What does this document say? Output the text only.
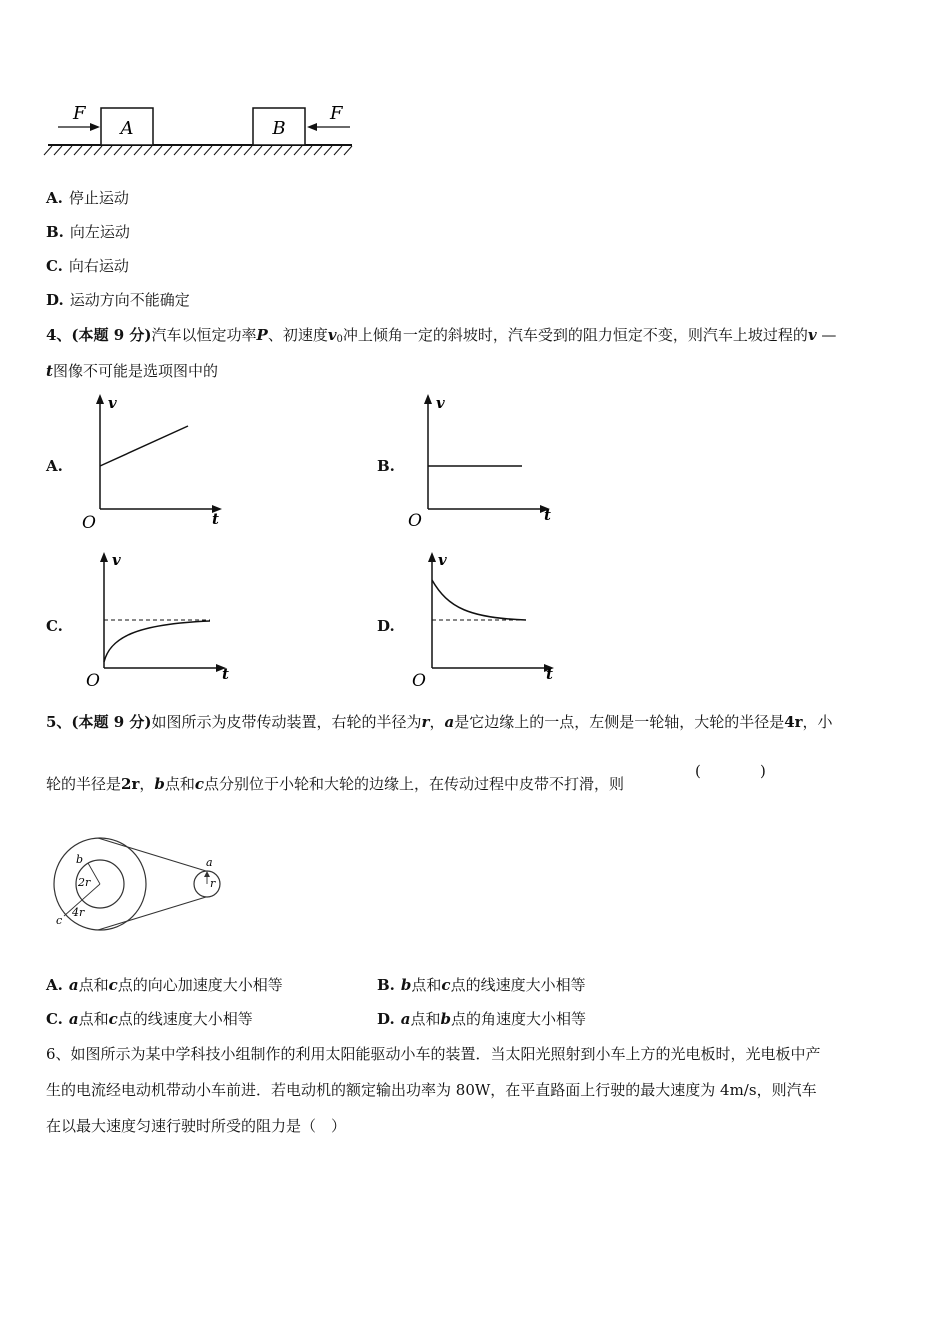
A	B
F	F
A. 停止运动
B. 向左运动
C. 向右运动
D. 运动方向不能确定
4、(本题 9 分)汽车以恒定功率P、初速度$v_0$冲上倾角一定的斜坡时，汽车受到的阻力恒定不变，则汽车上坡过程的v —
t图像不可能是选项图中的
A.
v
t
O
B.
v
t
O
C.
v
t
O
D.
v
t
O
5、(本题 9 分)如图所示为皮带传动装置，右轮的半径为r，a是它边缘上的一点，左侧是一轮轴，大轮的半径是4r，小
轮的半径是2r，b点和c点分别位于小轮和大轮的边缘上，在传动过程中皮带不打滑，则
(	)
b
2r
c
4r
a
r
A. a点和c点的向心加速度大小相等	B. b点和c点的线速度大小相等
C. a点和c点的线速度大小相等	D. a点和b点的角速度大小相等
6、如图所示为某中学科技小组制作的利用太阳能驱动小车的装置．当太阳光照射到小车上方的光电板时，光电板中产
生的电流经电动机带动小车前进．若电动机的额定输出功率为 80W，在平直路面上行驶的最大速度为 4m/s，则汽车
在以最大速度匀速行驶时所受的阻力是（　）
